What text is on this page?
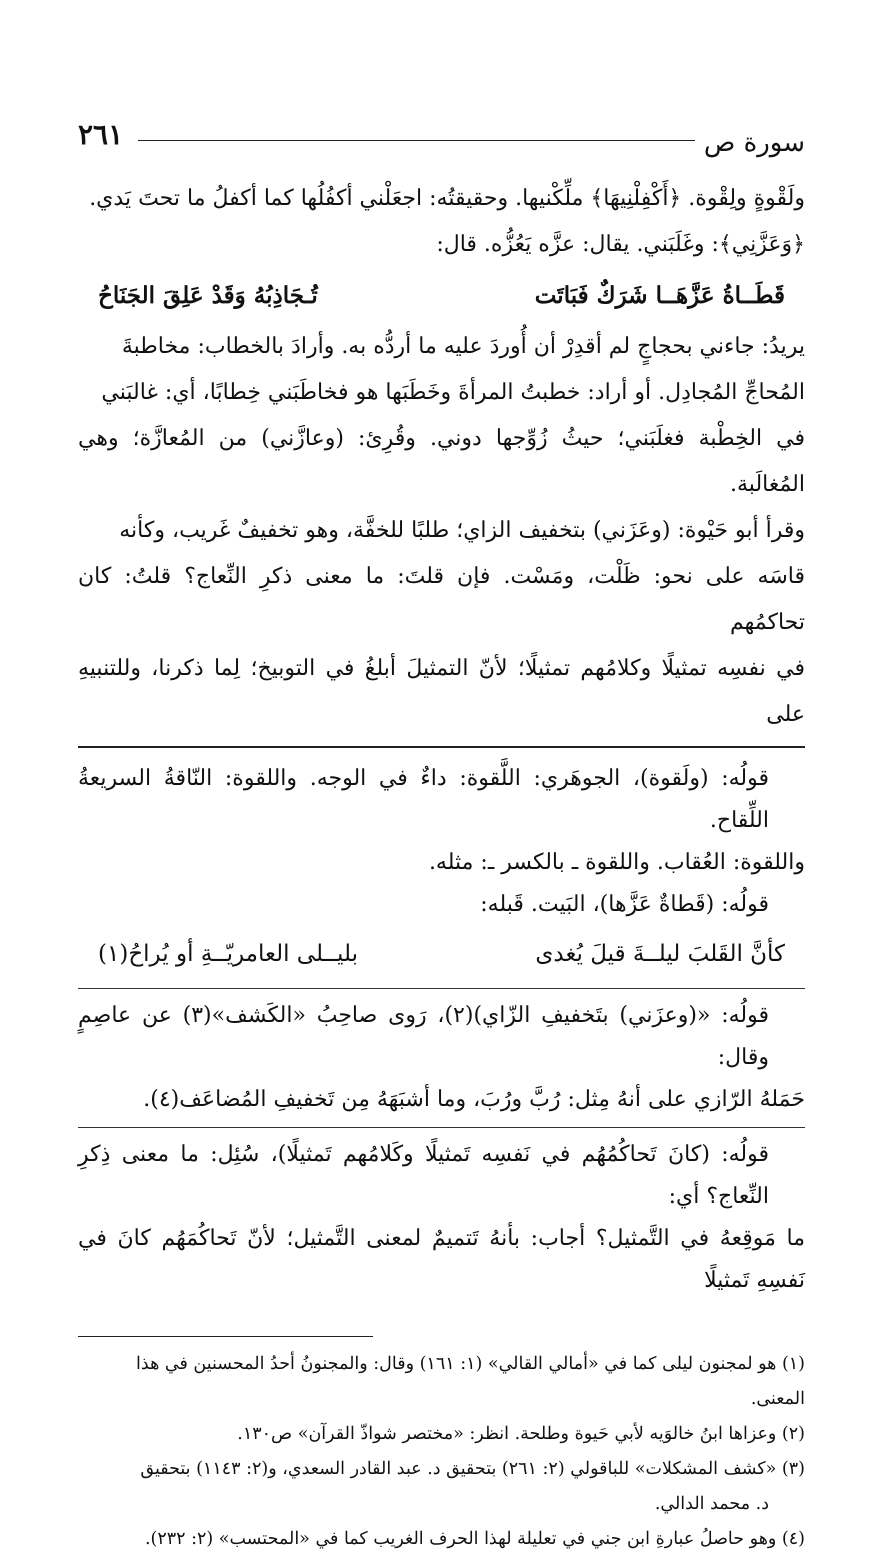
سورة ص
٢٦١

ولَقْوةٍ ولِقْوة. ﴿أَكْفِلْنِيهَا﴾ ملِّكْنيها. وحقيقتُه: اجعَلْني أكفُلُها كما أكفلُ ما تحتَ يَدي.

﴿وَعَزَّنِي﴾: وغَلَبَني. يقال: عزَّه يَعُزُّه. قال:

قَطَــاةُ عَزَّهَــا شَرَكٌ فَبَاتَت
تُـجَاذِبُهُ وَقَدْ عَلِقَ الجَنَاحُ

يريدُ: جاءني بحجاجٍ لم أقدِرْ أن أُوردَ عليه ما أردُّه به. وأرادَ بالخطاب: مخاطبةَ

المُحاجِّ المُجادِل. أو أراد: خطبتُ المرأةَ وخَطَبَها هو فخاطَبَني خِطابًا، أي: غالبَني

في الخِطْبة فغلَبَني؛ حيثُ زُوِّجها دوني. وقُرِئ: (وعازَّني) من المُعازَّة؛ وهي المُغالَبة.

وقرأ أبو حَيْوة: (وعَزَني) بتخفيف الزاي؛ طلبًا للخفَّة، وهو تخفيفٌ غَريب، وكأنه

قاسَه على نحو: ظَلْت، ومَسْت. فإن قلتَ: ما معنى ذكرِ النِّعاج؟ قلتُ: كان تحاكمُهم

في نفسِه تمثيلًا وكلامُهم تمثيلًا؛ لأنّ التمثيلَ أبلغُ في التوبيخ؛ لِما ذكرنا، وللتنبيهِ على

قولُه: (ولَقوة)، الجوهَري: اللَّقوة: داءٌ في الوجه. واللقوة: النّاقةُ السريعةُ اللِّقاح.

واللقوة: العُقاب. واللقوة ـ بالكسر ـ: مثله.

قولُه: (قَطاةٌ عَزَّها)، البَيت. قَبله:

كأنَّ القَلبَ ليلــةَ قيلَ يُغدى
بليــلى العامريّــةِ أو يُراحُ(١)

قولُه: «(وعزَني) بتَخفيفِ الزّاي)(٢)، رَوى صاحِبُ «الكَشف»(٣) عن عاصِمٍ وقال:

حَمَلهُ الرّازي على أنهُ مِثل: رُبَّ ورُبَ، وما أشبَهَهُ مِن تَخفيفِ المُضاعَف(٤).

قولُه: (كانَ تَحاكُمُهُم في نَفسِه تَمثيلًا وكَلامُهم تَمثيلًا)، سُئِل: ما معنى ذِكرِ النِّعاج؟ أي:

ما مَوقِعهُ في التَّمثيل؟ أجاب: بأنهُ تَتميمٌ لمعنى التَّمثيل؛ لأنّ تَحاكُمَهُم كانَ في نَفسِهِ تَمثيلًا

(١) هو لمجنون ليلى كما في «أمالي القالي» (١: ١٦١) وقال: والمجنونُ أحدُ المحسنين في هذا المعنى.

(٢) وعزاها ابنُ خالوَيه لأبي حَيوة وطلحة. انظر: «مختصر شواذّ القرآن» ص١٣٠.

(٣) «كشف المشكلات» للباقولي (٢: ٢٦١) بتحقيق د. عبد القادر السعدي، و(٢: ١١٤٣) بتحقيق

د. محمد الدالي.

(٤) وهو حاصلُ عبارةِ ابن جني في تعليلة لهذا الحرف الغريب كما في «المحتسب» (٢: ٢٣٢).
